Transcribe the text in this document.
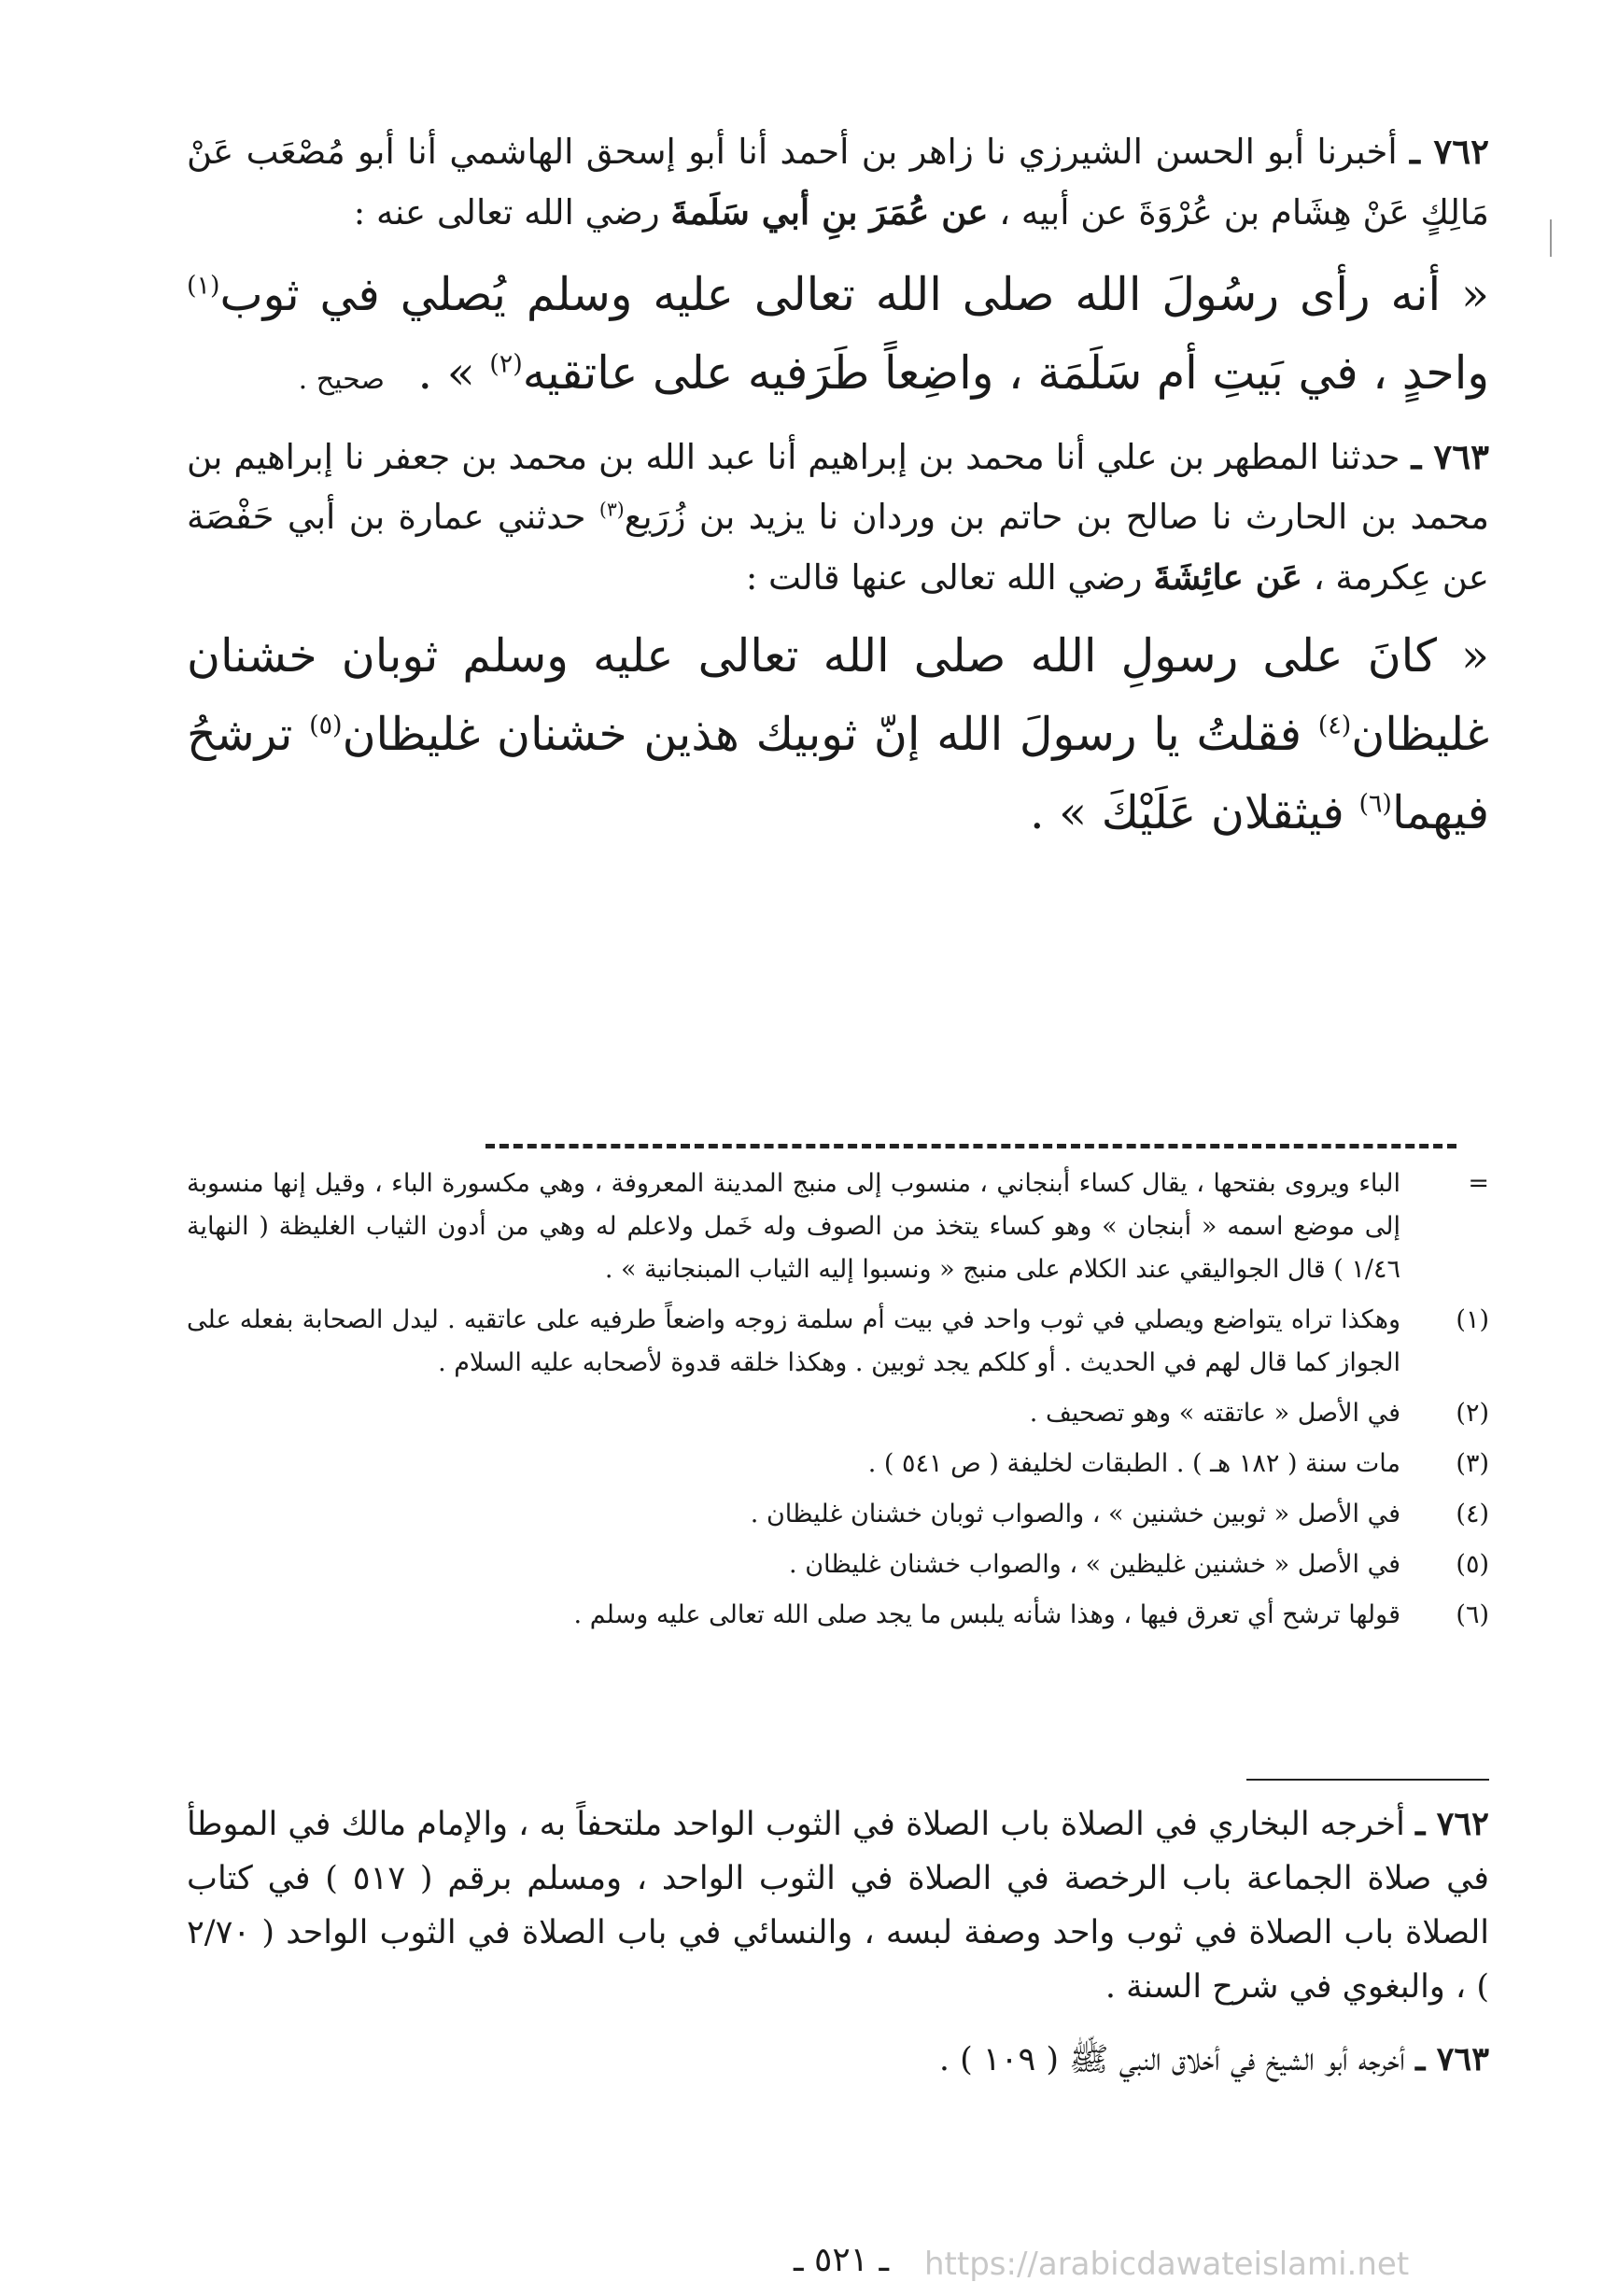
٧٦٢ ـ أخبرنا أبو الحسن الشيرزي نا زاهر بن أحمد أنا أبو إسحق الهاشمي أنا أبو مُصْعَب عَنْ مَالِكٍ عَنْ هِشَام بن عُرْوَةَ عن أبيه ، عن عُمَرَ بنِ أبي سَلَمةَ رضي الله تعالى عنه :
« أنه رأى رسُولَ الله صلى الله تعالى عليه وسلم يُصلي في ثوب$^{(١)}$ واحدٍ ، في بَيتِ أم سَلَمَة ، واضِعاً طَرَفيه على عاتقيه$^{(٢)}$ » . صحيح .
٧٦٣ ـ حدثنا المطهر بن علي أنا محمد بن إبراهيم أنا عبد الله بن محمد بن جعفر نا إبراهيم بن محمد بن الحارث نا صالح بن حاتم بن وردان نا يزيد بن زُرَيع$^{(٣)}$ حدثني عمارة بن أبي حَفْصَة عن عِكرمة ، عَن عائِشَةَ رضي الله تعالى عنها قالت :
« كانَ على رسولِ الله صلى الله تعالى عليه وسلم ثوبان خشنان غليظان$^{(٤)}$ فقلتُ يا رسولَ الله إنّ ثوبيك هذين خشنان غليظان$^{(٥)}$ ترشحُ فيهما$^{(٦)}$ فيثقلان عَلَيْكَ » .
=
الباء ويروى بفتحها ، يقال كساء أبنجاني ، منسوب إلى منبج المدينة المعروفة ، وهي مكسورة الباء ، وقيل إنها منسوبة إلى موضع اسمه « أبنجان » وهو كساء يتخذ من الصوف وله خَمل ولاعلم له وهي من أدون الثياب الغليظة ( النهاية ١/٤٦ ) قال الجواليقي عند الكلام على منبج « ونسبوا إليه الثياب المبنجانية » .
(١)
وهكذا تراه يتواضع ويصلي في ثوب واحد في بيت أم سلمة زوجه واضعاً طرفيه على عاتقيه . ليدل الصحابة بفعله على الجواز كما قال لهم في الحديث . أو كلكم يجد ثوبين . وهكذا خلقه قدوة لأصحابه عليه السلام .
(٢)
في الأصل « عاتقته » وهو تصحيف .
(٣)
مات سنة ( ١٨٢ هـ ) . الطبقات لخليفة ( ص ٥٤١ ) .
(٤)
في الأصل « ثوبين خشنين » ، والصواب ثوبان خشنان غليظان .
(٥)
في الأصل « خشنين غليظين » ، والصواب خشنان غليظان .
(٦)
قولها ترشح أي تعرق فيها ، وهذا شأنه يلبس ما يجد صلى الله تعالى عليه وسلم .
٧٦٢ ـ أخرجه البخاري في الصلاة باب الصلاة في الثوب الواحد ملتحفاً به ، والإمام مالك في الموطأ في صلاة الجماعة باب الرخصة في الصلاة في الثوب الواحد ، ومسلم برقم ( ٥١٧ ) في كتاب الصلاة باب الصلاة في ثوب واحد وصفة لبسه ، والنسائي في باب الصلاة في الثوب الواحد ( ٢/٧٠ ) ، والبغوي في شرح السنة .
٧٦٣ ـ أخرجه أبو الشيخ في أخلاق النبي ﷺ ( ١٠٩ ) .
ـ ٥٢١ ـ https://arabicdawateislami.net
